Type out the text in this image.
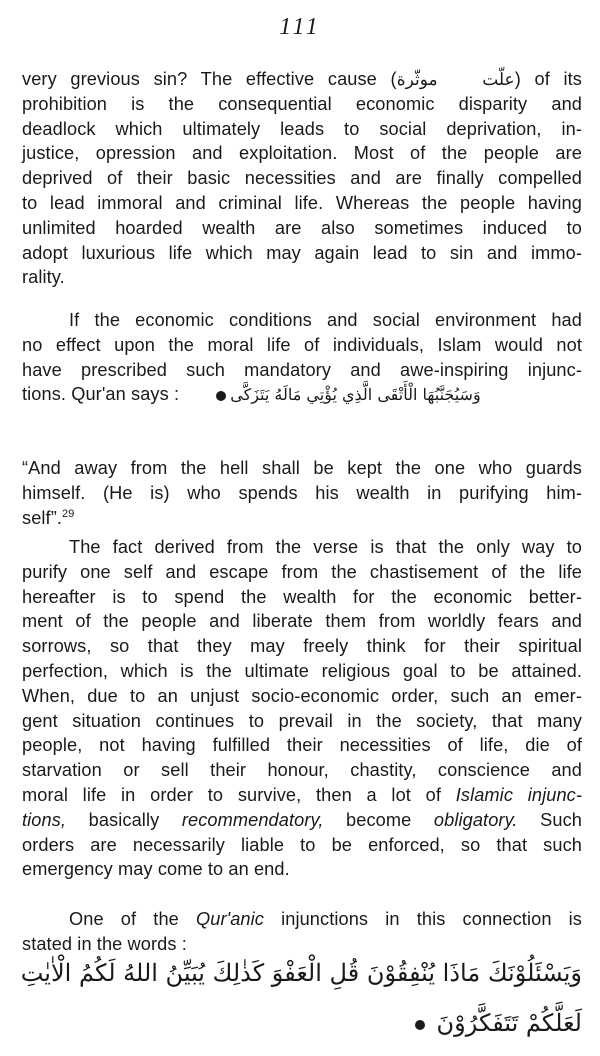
111
very grevious sin? The effective cause (علّت موثّرة) of its
prohibition is the consequential economic disparity and
deadlock which ultimately leads to social deprivation, in-
justice, opression and exploitation. Most of the people are
deprived of their basic necessities and are finally compelled
to lead immoral and criminal life. Whereas the people having
unlimited hoarded wealth are also sometimes induced to
adopt luxurious life which may again lead to sin and immo-
rality.
If the economic conditions and social environment had
no effect upon the moral life of individuals, Islam would not
have prescribed such mandatory and awe-inspiring injunc-
tions. Qur'an says :	وَسَيُجَنَّبُهَا الْأَتْقَى الَّذِي يُؤْتِي مَالَهُ يَتَزَكَّى
“And away from the hell shall be kept the one who guards
himself. (He is) who spends his wealth in purifying him-
self”.$^{29}$
The fact derived from the verse is that the only way to
purify one self and escape from the chastisement of the life
hereafter is to spend the wealth for the economic better-
ment of the people and liberate them from worldly fears and
sorrows, so that they may freely think for their spiritual
perfection, which is the ultimate religious goal to be attained.
When, due to an unjust socio-economic order, such an emer-
gent situation continues to prevail in the society, that many
people, not having fulfilled their necessities of life, die of
starvation or sell their honour, chastity, conscience and
moral life in order to survive, then a lot of Islamic injunc-
tions, basically recommendatory, become obligatory. Such
orders are necessarily liable to be enforced, so that such
emergency may come to an end.
One of the Qur'anic injunctions in this connection is
stated in the words :
وَيَسْئَلُوْنَكَ مَاذَا يُنْفِقُوْنَ قُلِ الْعَفْوَ كَذٰلِكَ يُبَيِّنُ اللهُ لَكُمُ الْاٰيٰتِ
لَعَلَّكُمْ تَتَفَكَّرُوْنَ
